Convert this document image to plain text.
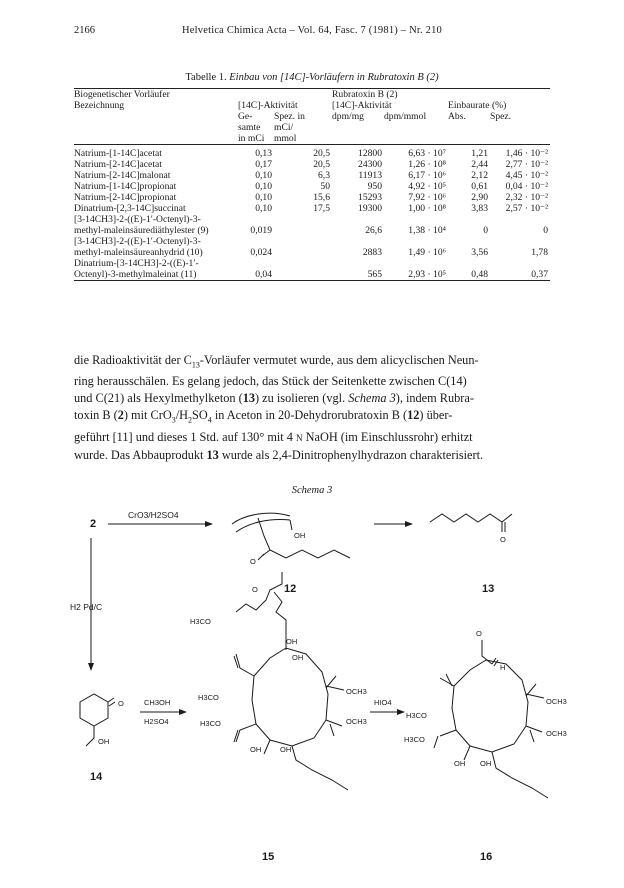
2166	Helvetica Chimica Acta – Vol. 64, Fasc. 7 (1981) – Nr. 210
Tabelle 1. Einbau von [14C]-Vorläufern in Rubratoxin B (2)
Biogenetischer Vorläufer			Rubratoxin B (2)			
Bezeichnung	[14C]-Aktivität		[14C]-Aktivität		Einbaurate (%)	
	Ge-	Spez. in	dpm/mg	dpm/mmol	Abs.	Spez.
	samte	mCi/				
	in mCi	mmol				

Natrium-[1-14C]acetat	0,13	20,5	12800	6,63 · 10⁷	1,21	1,46 · 10⁻²
Natrium-[2-14C]acetat	0,17	20,5	24300	1,26 · 10⁸	2,44	2,77 · 10⁻²
Natrium-[2-14C]malonat	0,10	6,3	11913	6,17 · 10⁶	2,12	4,45 · 10⁻²
Natrium-[1-14C]propionat	0,10	50	950	4,92 · 10⁵	0,61	0,04 · 10⁻²
Natrium-[2-14C]propionat	0,10	15,6	15293	7,92 · 10⁶	2,90	2,32 · 10⁻²
Dinatrium-[2,3-14C]succinat	0,10	17,5	19300	1,00 · 10⁸	3,83	2,57 · 10⁻²
[3-14CH3]-2-((E)-1′-Octenyl)-3-						
methyl-maleinsäurediäthylester (9)	0,019		26,6	1,38 · 10⁴	0	0
[3-14CH3]-2-((E)-1′-Octenyl)-3-						
methyl-maleinsäureanhydrid (10)	0,024		2883	1,49 · 10⁶	3,56	1,78
Dinatrium-[3-14CH3]-2-((E)-1′-						
Octenyl)-3-methylmaleinat (11)	0,04		565	2,93 · 10⁵	0,48	0,37
die Radioaktivität der $C_{13}$-Vorläufer vermutet wurde, aus dem alicyclischen Neun-
ring herausschälen. Es gelang jedoch, das Stück der Seitenkette zwischen C(14)
und C(21) als Hexylmethylketon (13) zu isolieren (vgl. Schema 3), indem Rubra-
toxin B (2) mit $CrO_3/H_2SO_4$ in Aceton in 20-Dehydrorubratoxin B (12) über-
geführt [11] und dieses 1 Std. auf 130° mit 4 N NaOH (im Einschlussrohr) erhitzt
wurde. Das Abbauprodukt 13 wurde als 2,4-Dinitrophenylhydrazon charakterisiert.
Schema 3
2
CrO3/H2SO4
OH
O
12
O
13
H2 Pd/C
O
OH
14
CH3OH
H2SO4
H3CO
O
OH
OH
H3CO
H3CO
OCH3
OCH3
OH	OH
15
HIO4
H
O
H3CO
H3CO
OCH3
OCH3
OH OH
16
